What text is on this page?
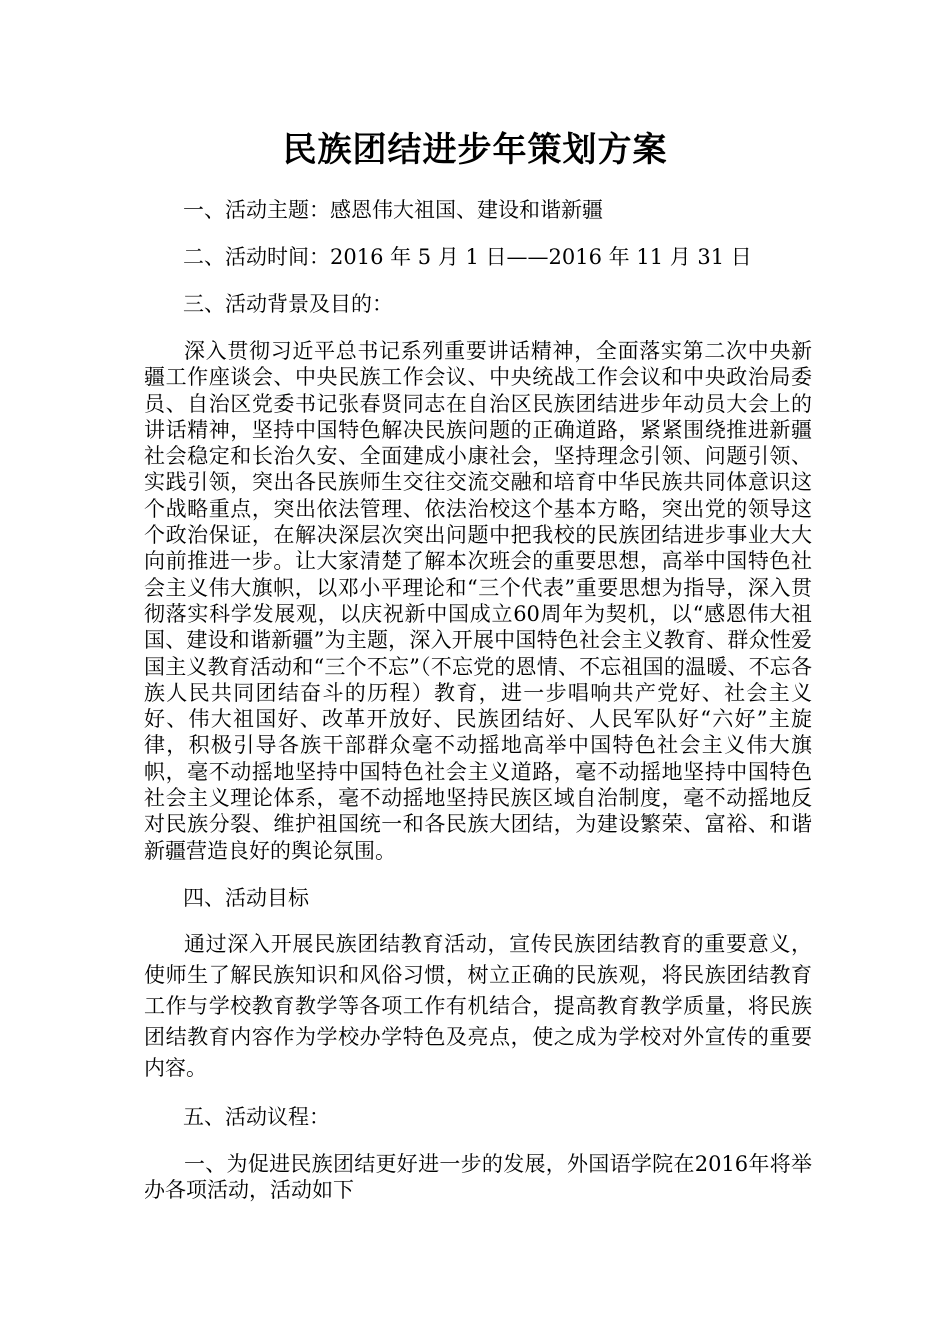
民族团结进步年策划方案
一、活动主题：感恩伟大祖国、建设和谐新疆
二、活动时间：2016 年 5 月 1 日——2016 年 11 月 31 日
三、活动背景及目的：

深入贯彻习近平总书记系列重要讲话精神，全面落实第二次中央新疆工作座谈会、中央民族工作会议、中央统战工作会议和中央政治局委员、自治区党委书记张春贤同志在自治区民族团结进步年动员大会上的讲话精神，坚持中国特色解决民族问题的正确道路，紧紧围绕推进新疆社会稳定和长治久安、全面建成小康社会，坚持理念引领、问题引领、实践引领，突出各民族师生交往交流交融和培育中华民族共同体意识这个战略重点，突出依法管理、依法治校这个基本方略，突出党的领导这个政治保证，在解决深层次突出问题中把我校的民族团结进步事业大大向前推进一步。让大家清楚了解本次班会的重要思想，高举中国特色社会主义伟大旗帜，以邓小平理论和“三个代表”重要思想为指导，深入贯彻落实科学发展观，以庆祝新中国成立60周年为契机，以“感恩伟大祖国、建设和谐新疆”为主题，深入开展中国特色社会主义教育、群众性爱国主义教育活动和“三个不忘”（不忘党的恩情、不忘祖国的温暖、不忘各族人民共同团结奋斗的历程）教育，进一步唱响共产党好、社会主义好、伟大祖国好、改革开放好、民族团结好、人民军队好“六好”主旋律，积极引导各族干部群众毫不动摇地高举中国特色社会主义伟大旗帜，毫不动摇地坚持中国特色社会主义道路，毫不动摇地坚持中国特色社会主义理论体系，毫不动摇地坚持民族区域自治制度，毫不动摇地反对民族分裂、维护祖国统一和各民族大团结，为建设繁荣、富裕、和谐新疆营造良好的舆论氛围。

四、活动目标

通过深入开展民族团结教育活动，宣传民族团结教育的重要意义，使师生了解民族知识和风俗习惯，树立正确的民族观，将民族团结教育工作与学校教育教学等各项工作有机结合，提高教育教学质量，将民族团结教育内容作为学校办学特色及亮点，使之成为学校对外宣传的重要内容。

五、活动议程：

一、为促进民族团结更好进一步的发展，外国语学院在2016年将举办各项活动，活动如下
